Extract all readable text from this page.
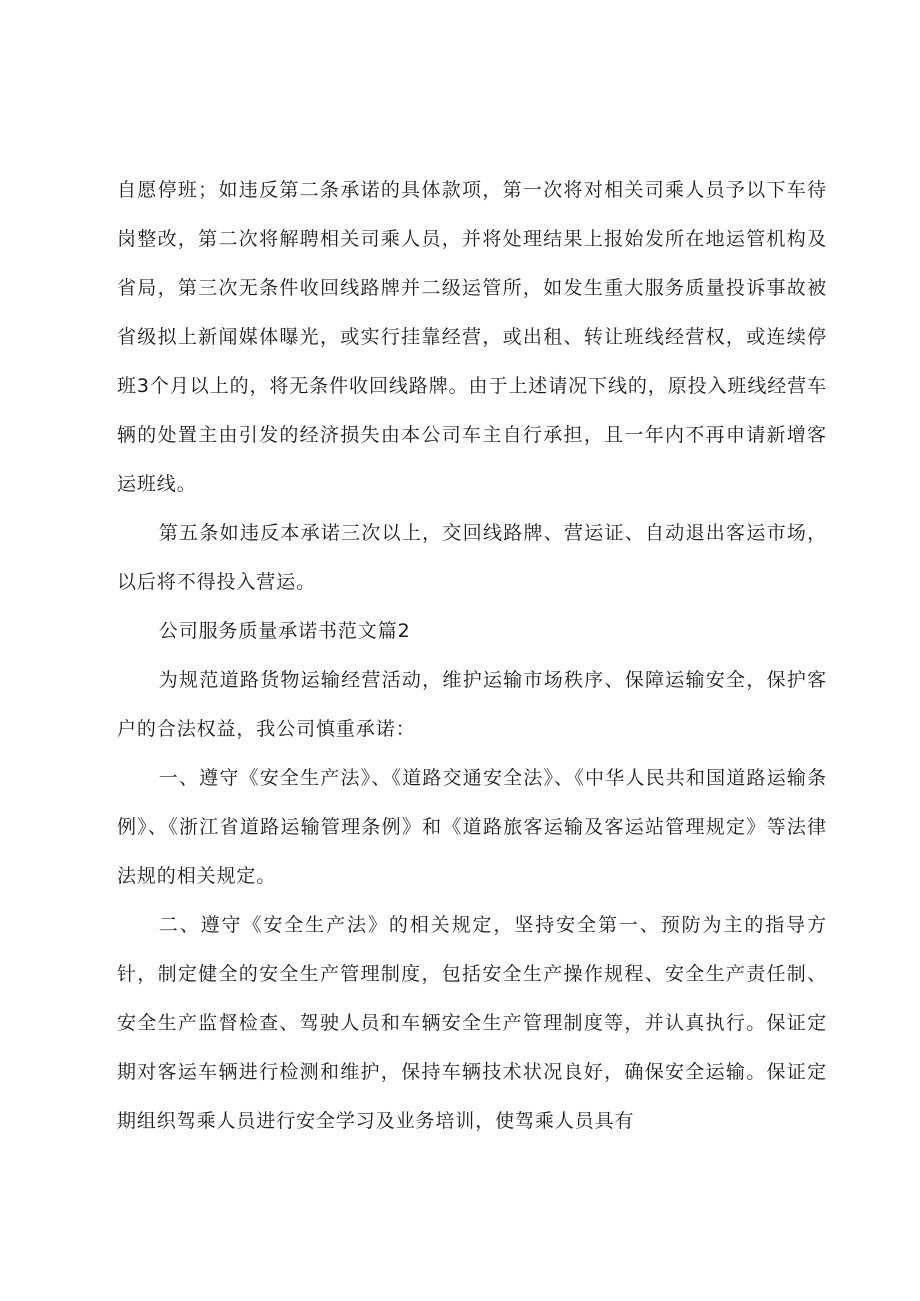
自愿停班；如违反第二条承诺的具体款项，第一次将对相关司乘人员予以下车待岗整改，第二次将解聘相关司乘人员，并将处理结果上报始发所在地运管机构及省局，第三次无条件收回线路牌并二级运管所，如发生重大服务质量投诉事故被省级拟上新闻媒体曝光，或实行挂靠经营，或出租、转让班线经营权，或连续停班3个月以上的，将无条件收回线路牌。由于上述请况下线的，原投入班线经营车辆的处置主由引发的经济损失由本公司车主自行承担，且一年内不再申请新增客运班线。

第五条如违反本承诺三次以上，交回线路牌、营运证、自动退出客运市场，以后将不得投入营运。

公司服务质量承诺书范文篇2

为规范道路货物运输经营活动，维护运输市场秩序、保障运输安全，保护客户的合法权益，我公司慎重承诺：

一、遵守《安全生产法》、《道路交通安全法》、《中华人民共和国道路运输条例》、《浙江省道路运输管理条例》和《道路旅客运输及客运站管理规定》等法律法规的相关规定。

二、遵守《安全生产法》的相关规定，坚持安全第一、预防为主的指导方针，制定健全的安全生产管理制度，包括安全生产操作规程、安全生产责任制、安全生产监督检查、驾驶人员和车辆安全生产管理制度等，并认真执行。保证定期对客运车辆进行检测和维护，保持车辆技术状况良好，确保安全运输。保证定期组织驾乘人员进行安全学习及业务培训，使驾乘人员具有
